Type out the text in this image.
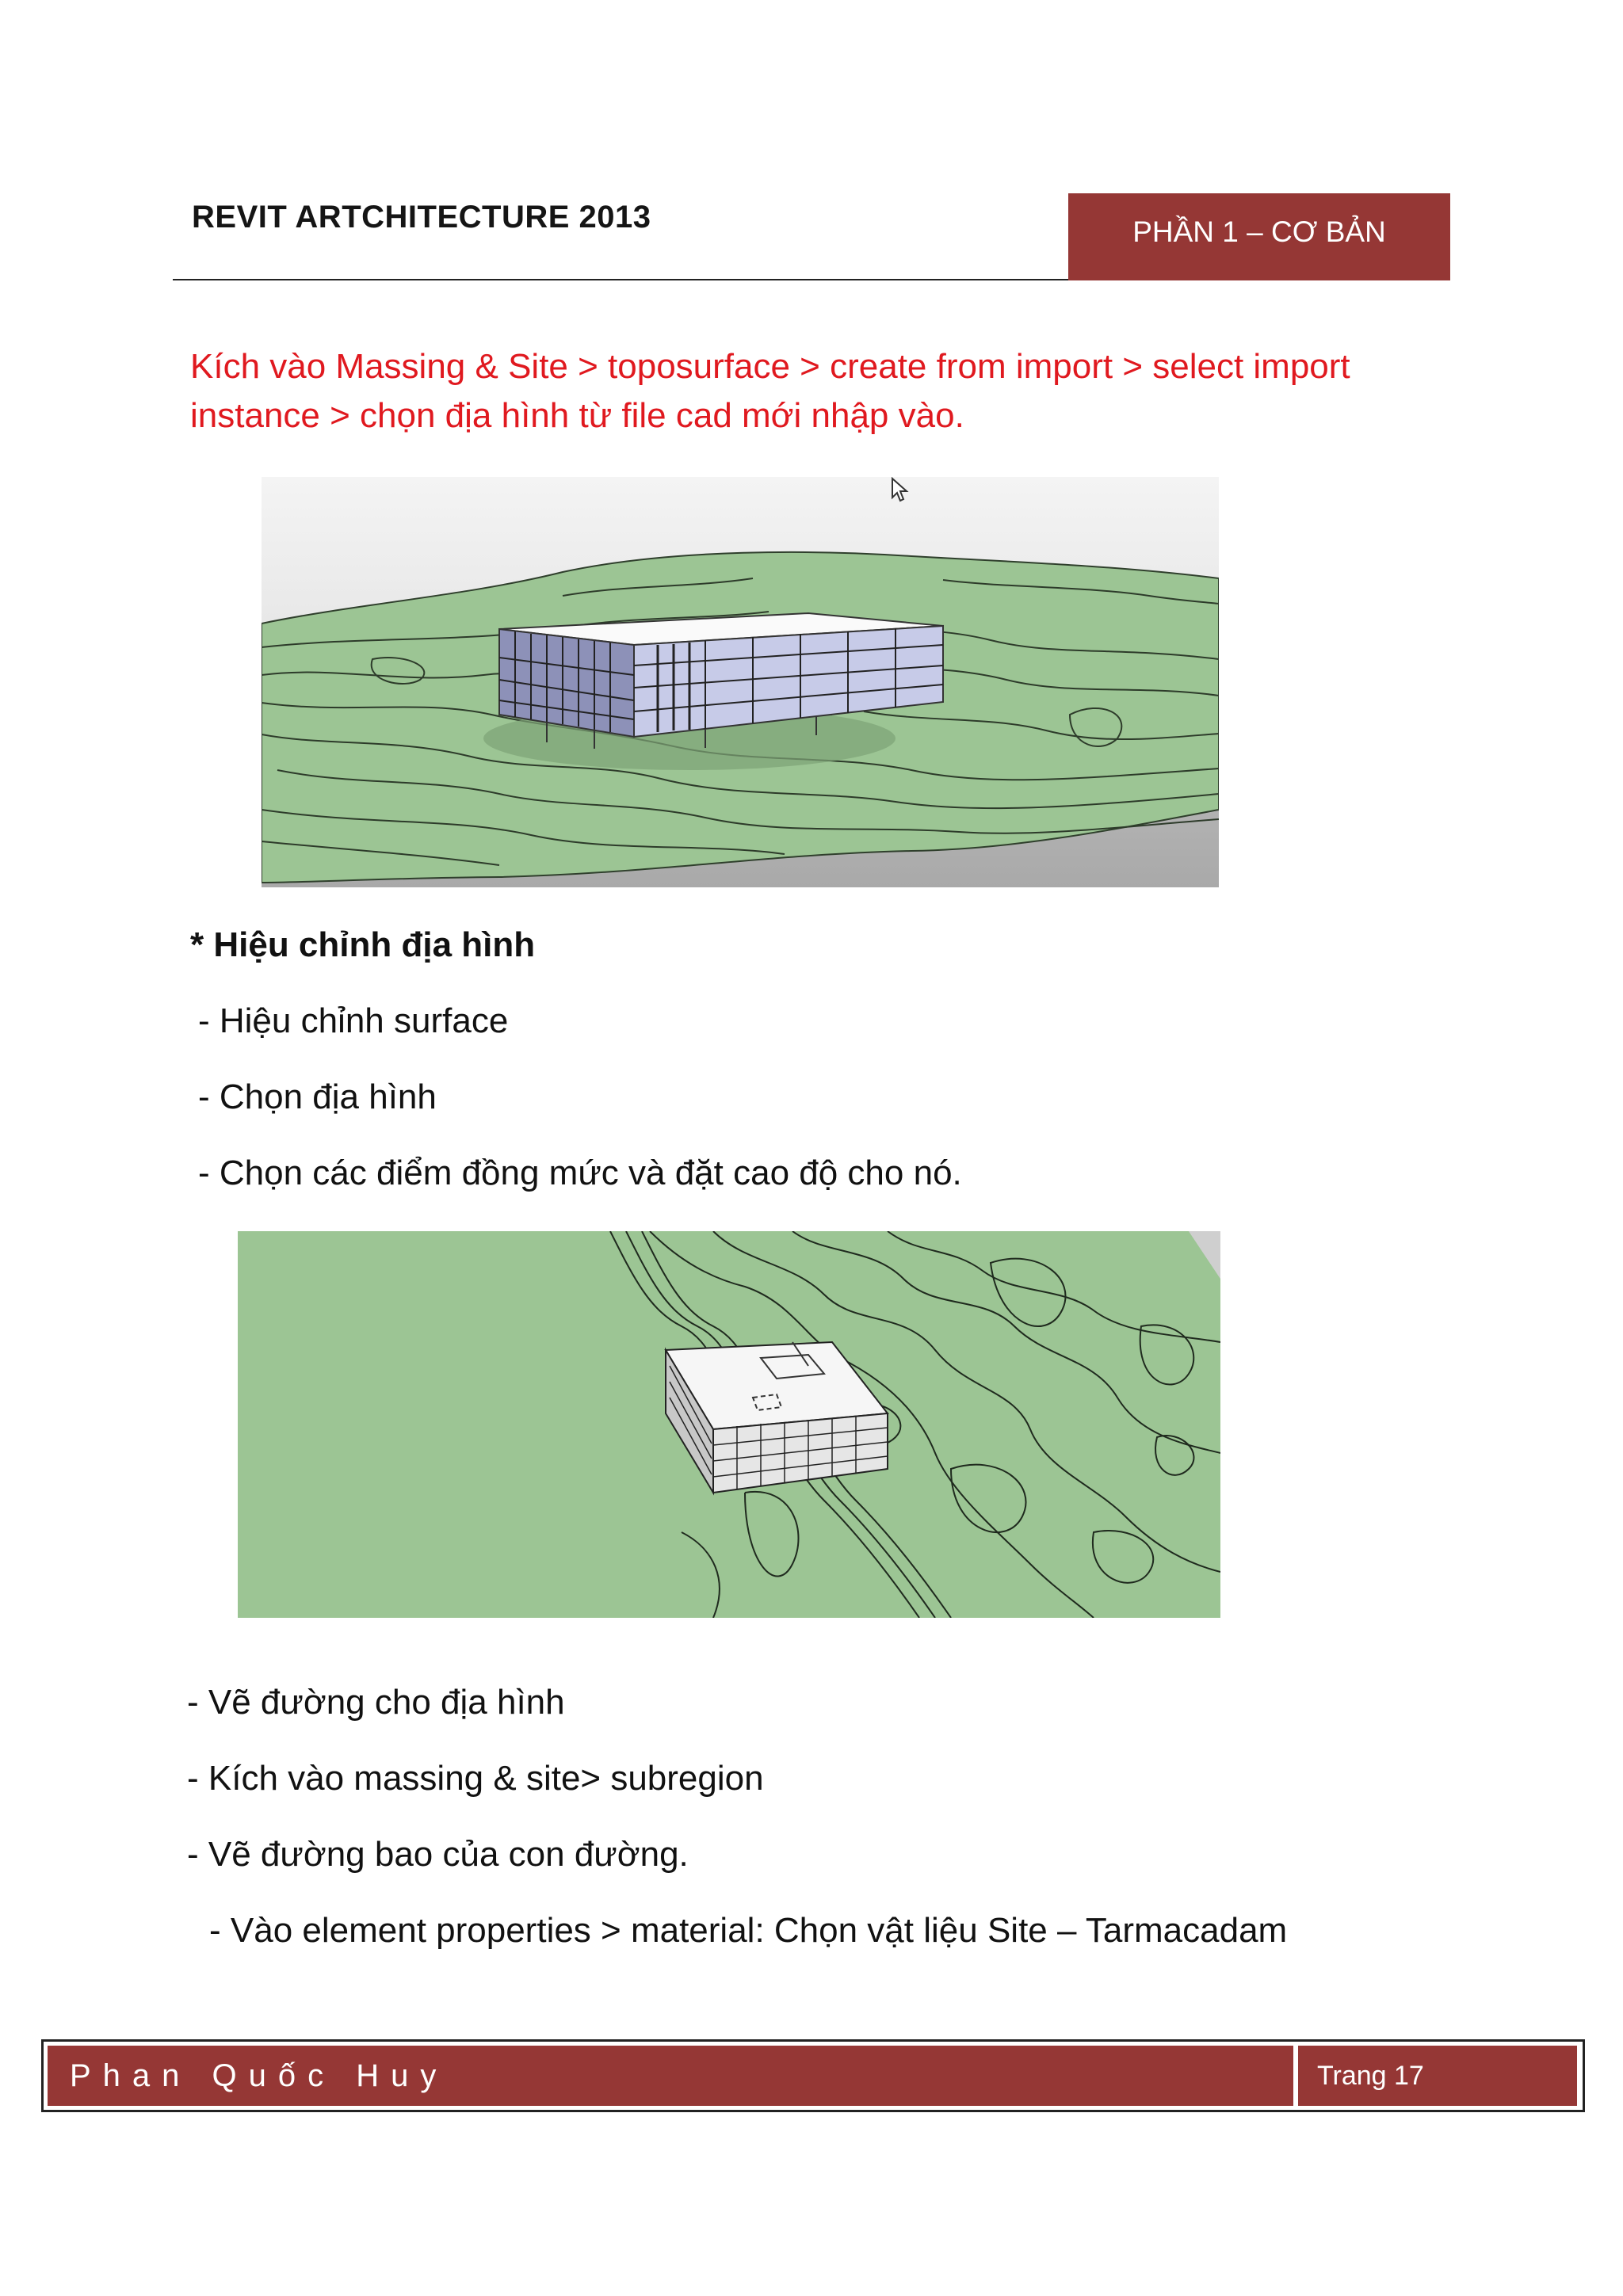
REVIT ARTCHITECTURE 2013	PHẦN 1 – CƠ BẢN
Kích vào Massing & Site > toposurface > create from import > select import instance > chọn địa hình từ file cad mới nhập vào.
* Hiệu chỉnh địa hình
- Hiệu chỉnh surface
- Chọn địa hình
- Chọn các điểm đồng mức và đặt cao độ cho nó.
- Vẽ đường cho địa hình
- Kích vào massing & site> subregion
- Vẽ đường bao của con đường.
- Vào element properties > material: Chọn vật liệu Site – Tarmacadam
Phan Quốc Huy	Trang 17
